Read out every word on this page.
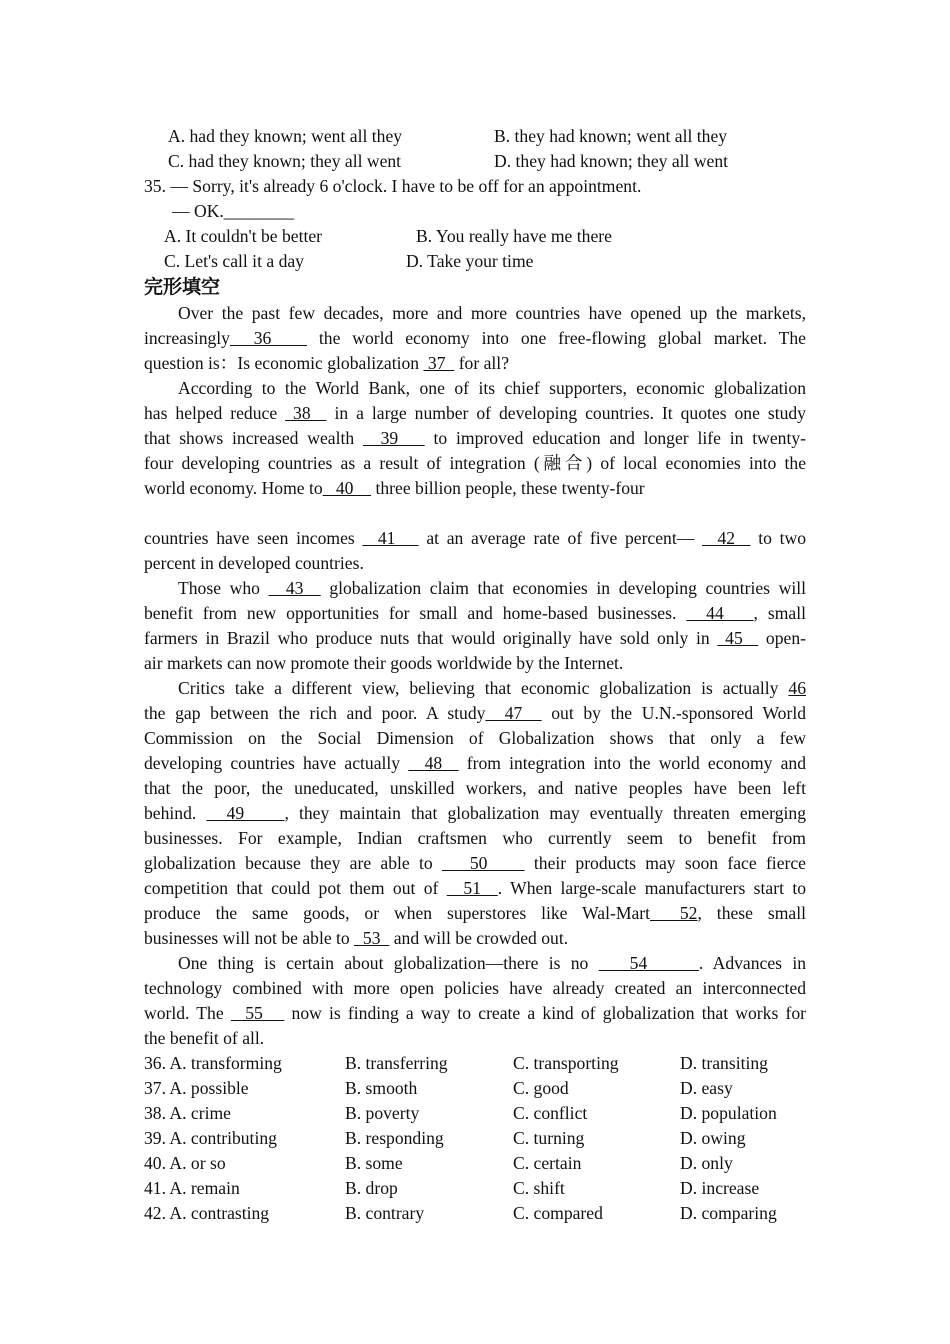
A. had they known; went all they	B. they had known; went all they
C. had they known; they all went	D. they had known; they all went
35. — Sorry, it's already 6 o'clock. I have to be off for an appointment.
— OK.________
A. It couldn't be better	B. You really have me there
C. Let's call it a day	D. Take your time
完形填空
Over the past few decades, more and more countries have opened up the markets,
increasingly  36    the world economy into one free-flowing global market. The
question is：Is economic globalization  37   for all?
According to the World Bank, one of its chief supporters, economic globalization
has helped reduce  38   in a large number of developing countries. It quotes one study
that shows increased wealth   39    to improved education and longer life in twenty-
four developing countries as a result of integration (融合) of local economies into the
world economy. Home to   40     three billion people, these twenty-four
countries have seen incomes   41    at an average rate of five percent—   42   to two
percent in developed countries.
Those who   43   globalization claim that economies in developing countries will
benefit from new opportunities for small and home-based businesses.   44   , small
farmers in Brazil who produce nuts that would originally have sold only in  45   open-
air markets can now promote their goods worldwide by the Internet.
Critics take a different view, believing that economic globalization is actually 46
the gap between the rich and poor. A study  47   out by the U.N.-sponsored World
Commission on the Social Dimension of Globalization shows that only a few
developing countries have actually   48   from integration into the world economy and
that the poor, the uneducated, unskilled workers, and native peoples have been left
behind.   49    , they maintain that globalization may eventually threaten emerging
businesses. For example, Indian craftsmen who currently seem to benefit from
globalization because they are able to    50     their products may soon face fierce
competition that could pot them out of   51  . When large-scale manufacturers start to
produce the same goods, or when superstores like Wal-Mart  52, these small
businesses will not be able to   53   and will be crowded out.
One thing is certain about globalization—there is no    54     . Advances in
technology combined with more open policies have already created an interconnected
world. The   55    now is finding a way to create a kind of globalization that works for
the benefit of all.
36. A. transforming	B. transferring	C. transporting	D. transiting
37. A. possible	B. smooth	C. good	D. easy
38. A. crime	B. poverty	C. conflict	D. population
39. A. contributing	B. responding	C. turning	D. owing
40. A. or so	B. some	C. certain	D. only
41. A. remain	B. drop	C. shift	D. increase
42. A. contrasting	B. contrary	C. compared	D. comparing
